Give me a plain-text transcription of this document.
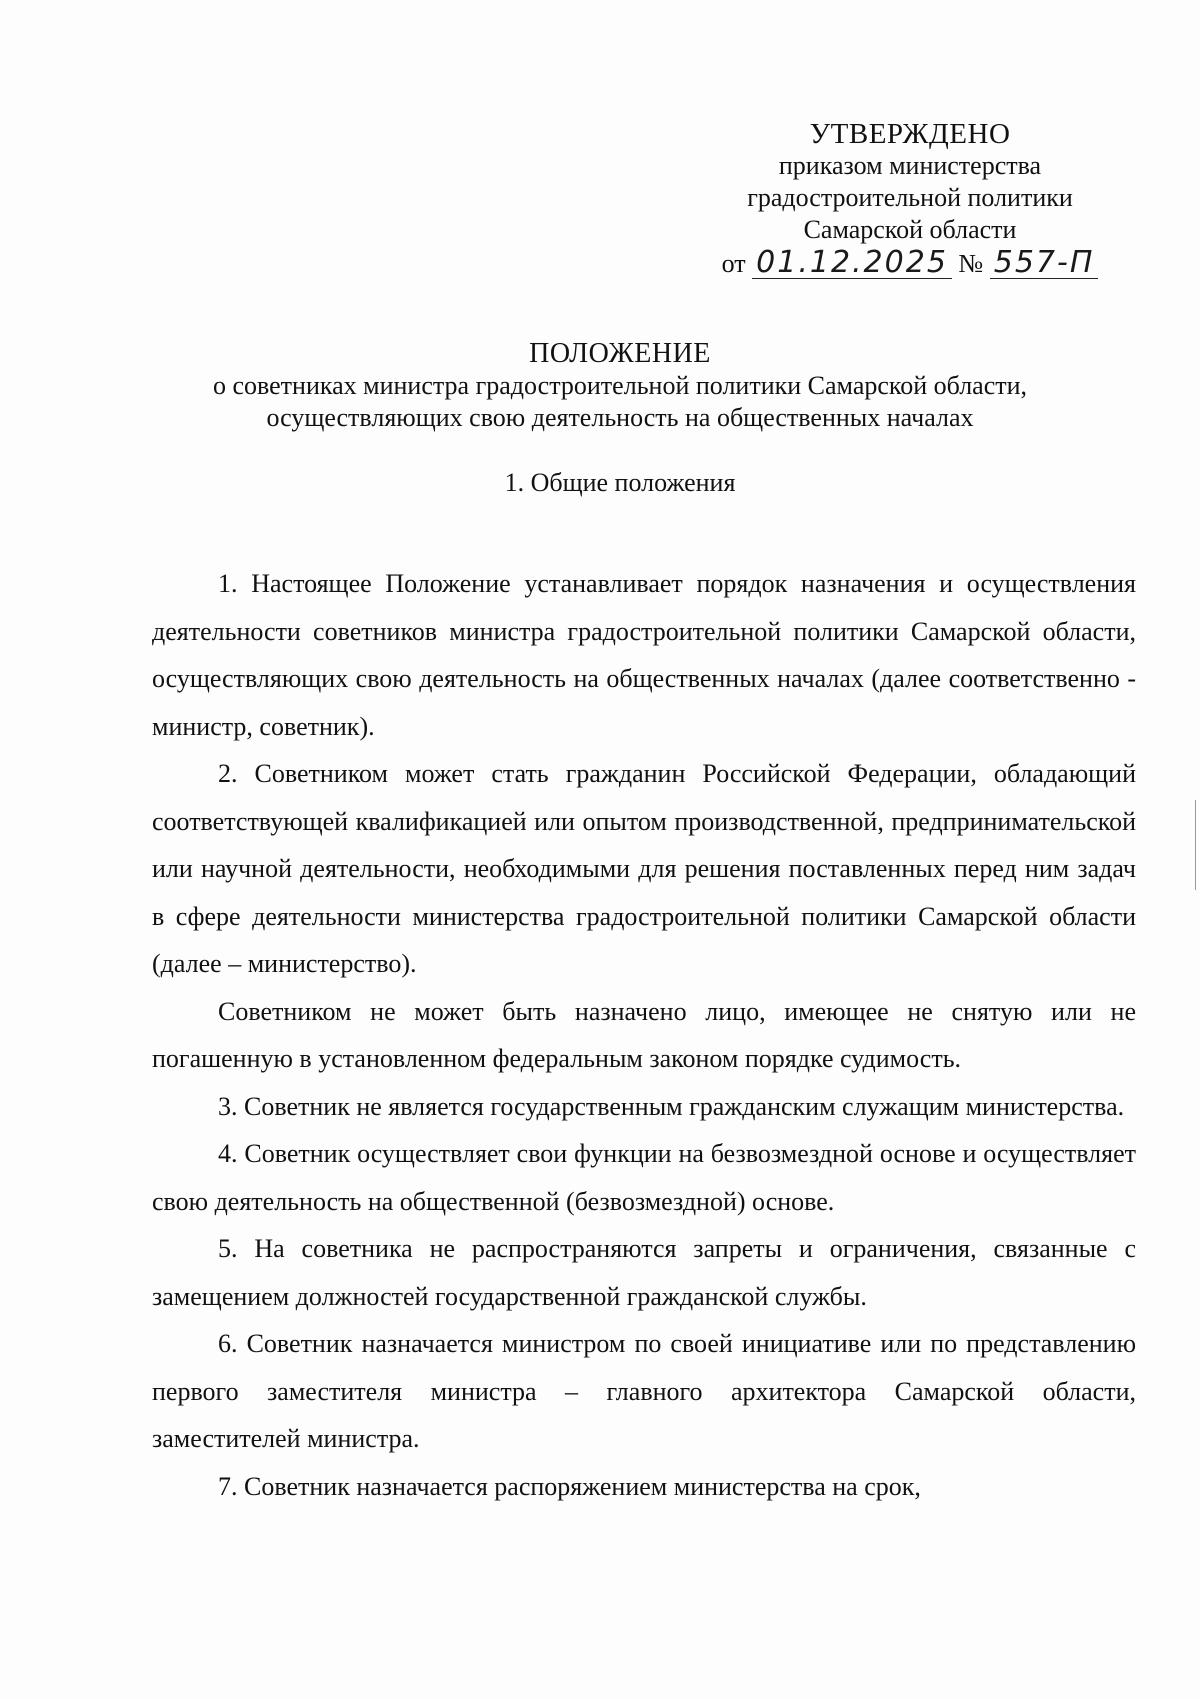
УТВЕРЖДЕНО
приказом министерства
градостроительной политики
Самарской области
от 01.12.2025 № 557-П
ПОЛОЖЕНИЕ
о советниках министра градостроительной политики Самарской области,
осуществляющих свою деятельность на общественных началах
1. Общие положения

1. Настоящее Положение устанавливает порядок назначения и осуществления деятельности советников министра градостроительной политики Самарской области, осуществляющих свою деятельность на общественных началах (далее соответственно - министр, советник).

2. Советником может стать гражданин Российской Федерации, обладающий соответствующей квалификацией или опытом производственной, предпринимательской или научной деятельности, необходимыми для решения поставленных перед ним задач в сфере деятельности министерства градостроительной политики Самарской области (далее – министерство).

Советником не может быть назначено лицо, имеющее не снятую или не погашенную в установленном федеральным законом порядке судимость.

3. Советник не является государственным гражданским служащим министерства.

4. Советник осуществляет свои функции на безвозмездной основе и осуществляет свою деятельность на общественной (безвозмездной) основе.

5. На советника не распространяются запреты и ограничения, связанные с замещением должностей государственной гражданской службы.

6. Советник назначается министром по своей инициативе или по представлению первого заместителя министра – главного архитектора Самарской области, заместителей министра.

7. Советник назначается распоряжением министерства на срок,
